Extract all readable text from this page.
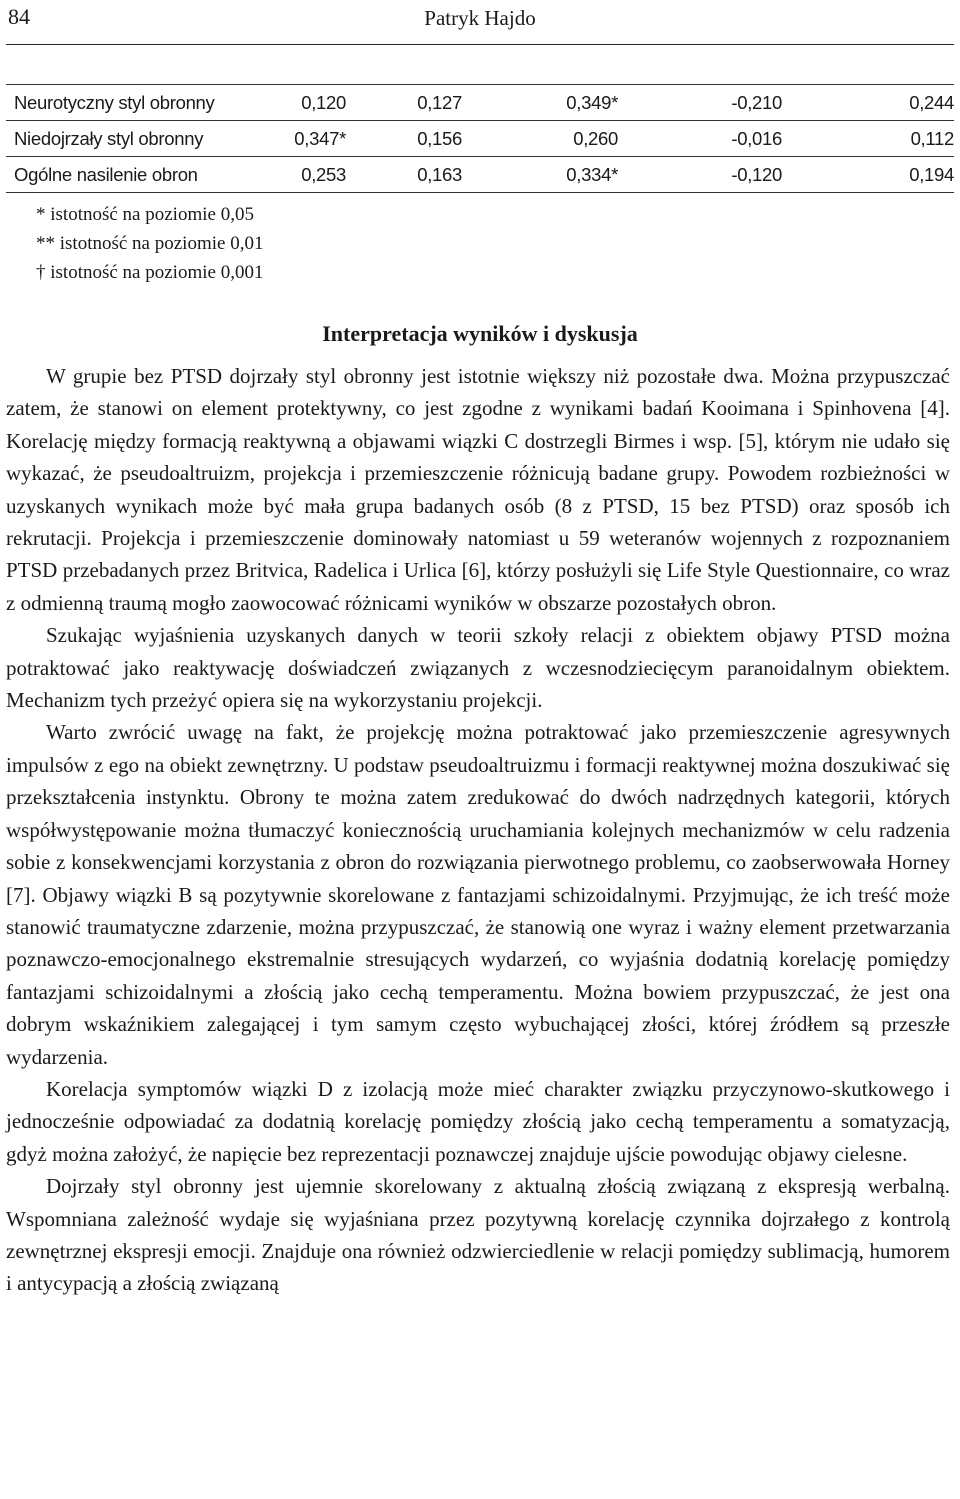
84	Patryk Hajdo
Neurotyczny styl obronny	0,120	0,127	0,349*	-0,210	0,244
Niedojrzały styl obronny	0,347*	0,156	0,260	-0,016	0,112
Ogólne nasilenie obron	0,253	0,163	0,334*	-0,120	0,194
* istotność na poziomie 0,05
** istotność na poziomie 0,01
† istotność na poziomie 0,001
Interpretacja wyników i dyskusja

W grupie bez PTSD dojrzały styl obronny jest istotnie większy niż pozostałe dwa. Można przypuszczać zatem, że stanowi on element protektywny, co jest zgodne z wynikami badań Kooimana i Spinhovena [4]. Korelację między formacją reaktywną a objawami wiązki C dostrzegli Birmes i wsp. [5], którym nie udało się wykazać, że pseudoaltruizm, projekcja i przemieszczenie różnicują badane grupy. Powodem rozbieżności w uzyskanych wynikach może być mała grupa badanych osób (8 z PTSD, 15 bez PTSD) oraz sposób ich rekrutacji. Projekcja i przemieszczenie dominowały natomiast u 59 weteranów wojennych z rozpoznaniem PTSD przebadanych przez Britvica, Radelica i Urlica [6], którzy posłużyli się Life Style Questionnaire, co wraz z odmienną traumą mogło zaowocować różnicami wyników w obszarze pozostałych obron.

Szukając wyjaśnienia uzyskanych danych w teorii szkoły relacji z obiektem objawy PTSD można potraktować jako reaktywację doświadczeń związanych z wczesnodziecięcym paranoidalnym obiektem. Mechanizm tych przeżyć opiera się na wykorzystaniu projekcji.

Warto zwrócić uwagę na fakt, że projekcję można potraktować jako przemieszczenie agresywnych impulsów z ego na obiekt zewnętrzny. U podstaw pseudoaltruizmu i formacji reaktywnej można doszukiwać się przekształcenia instynktu. Obrony te można zatem zredukować do dwóch nadrzędnych kategorii, których współwystępowanie można tłumaczyć koniecznością uruchamiania kolejnych mechanizmów w celu radzenia sobie z konsekwencjami korzystania z obron do rozwiązania pierwotnego problemu, co zaobserwowała Horney [7]. Objawy wiązki B są pozytywnie skorelowane z fantazjami schizoidalnymi. Przyjmując, że ich treść może stanowić traumatyczne zdarzenie, można przypuszczać, że stanowią one wyraz i ważny element przetwarzania poznawczo-emocjonalnego ekstremalnie stresujących wydarzeń, co wyjaśnia dodatnią korelację pomiędzy fantazjami schizoidalnymi a złością jako cechą temperamentu. Można bowiem przypuszczać, że jest ona dobrym wskaźnikiem zalegającej i tym samym często wybuchającej złości, której źródłem są przeszłe wydarzenia.

Korelacja symptomów wiązki D z izolacją może mieć charakter związku przyczynowo-skutkowego i jednocześnie odpowiadać za dodatnią korelację pomiędzy złością jako cechą temperamentu a somatyzacją, gdyż można założyć, że napięcie bez reprezentacji poznawczej znajduje ujście powodując objawy cielesne.

Dojrzały styl obronny jest ujemnie skorelowany z aktualną złością związaną z ekspresją werbalną. Wspomniana zależność wydaje się wyjaśniana przez pozytywną korelację czynnika dojrzałego z kontrolą zewnętrznej ekspresji emocji. Znajduje ona również odzwierciedlenie w relacji pomiędzy sublimacją, humorem i antycypacją a złością związaną
